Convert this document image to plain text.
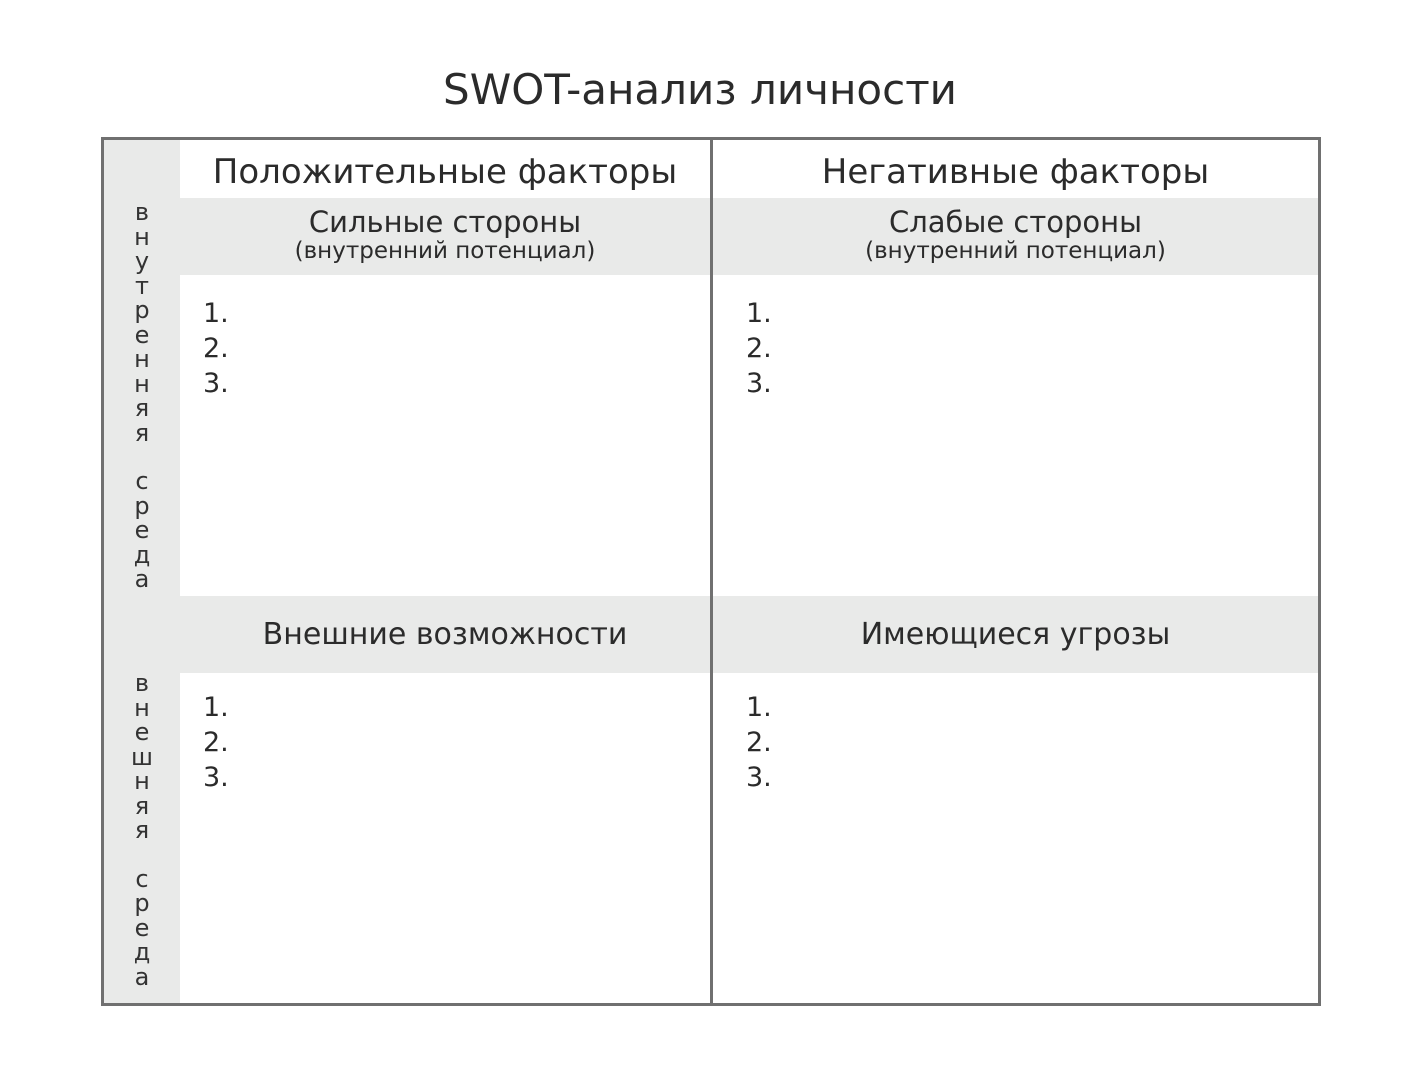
SWOT-анализ личности
в
н
у
т
р
е
н
н
я
я
с
р
е
д
а
в
н
е
ш
н
я
я
с
р
е
д
а
Положительные факторы	Негативные факторы
Сильные стороны
(внутренний потенциал)
1.
2.
3.
Слабые стороны
(внутренний потенциал)
1.
2.
3.
Внешние возможности
1.
2.
3.
Имеющиеся угрозы
1.
2.
3.
